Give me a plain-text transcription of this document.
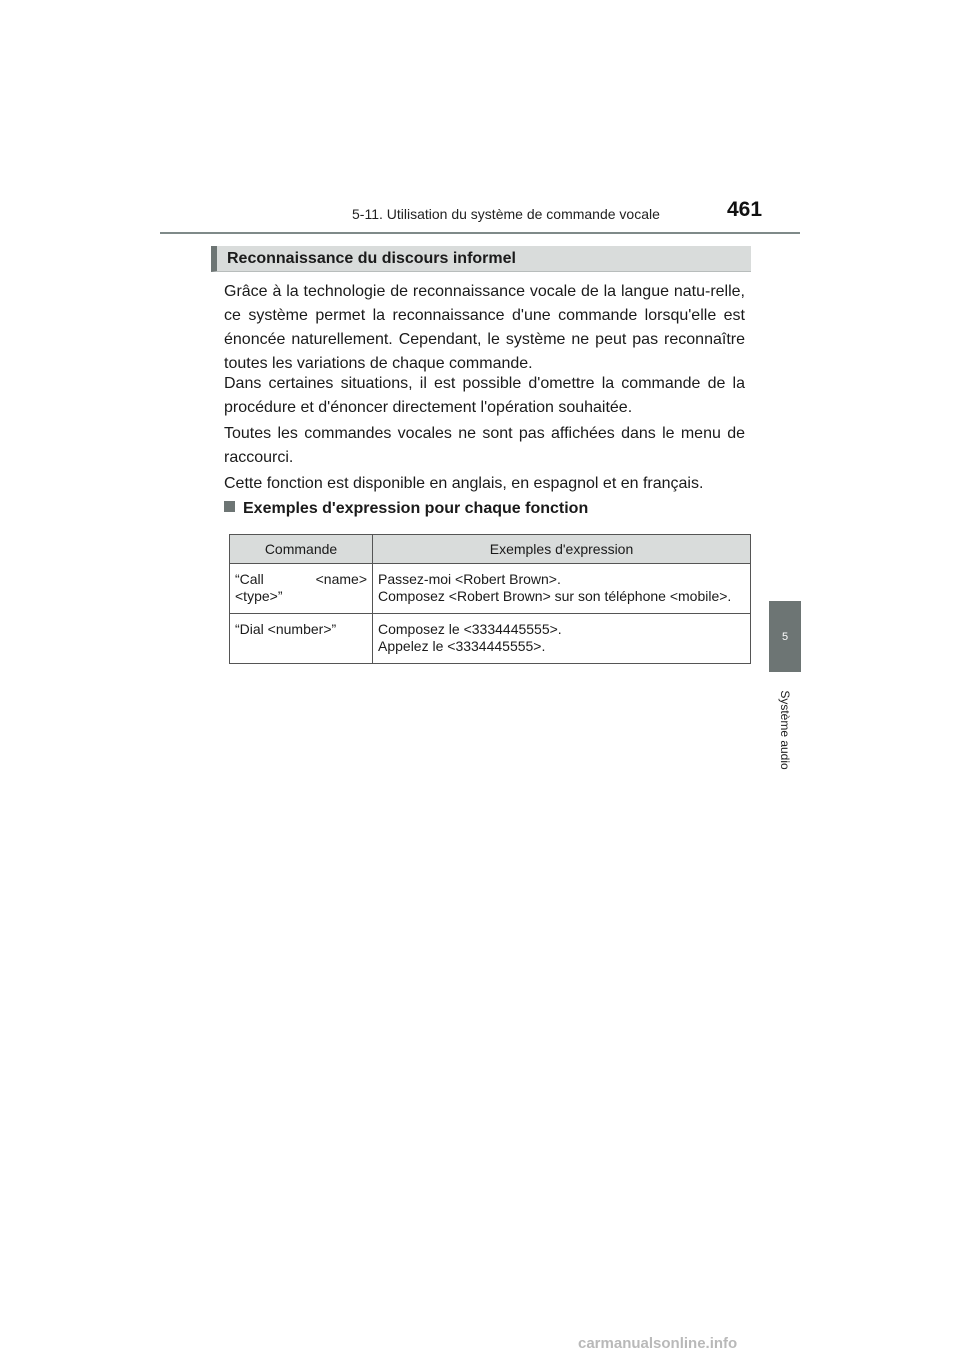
5-11. Utilisation du système de commande vocale	461
5
Système audio
Reconnaissance du discours informel

Grâce à la technologie de reconnaissance vocale de la langue natu-relle, ce système permet la reconnaissance d'une commande lorsqu'elle est énoncée naturellement. Cependant, le système ne peut pas reconnaître toutes les variations de chaque commande.

Dans certaines situations, il est possible d'omettre la commande de la procédure et d'énoncer directement l'opération souhaitée.

Toutes les commandes vocales ne sont pas affichées dans le menu de raccourci.

Cette fonction est disponible en anglais, en espagnol et en français.

Exemples d'expression pour chaque fonction
Commande	Exemples d'expression
“Call <name> <type>”	Passez-moi <Robert Brown>.
Composez <Robert Brown> sur son téléphone <mobile>.

“Dial <number>”	Composez le <3334445555>.
Appelez le <3334445555>.
carmanualsonline.info
